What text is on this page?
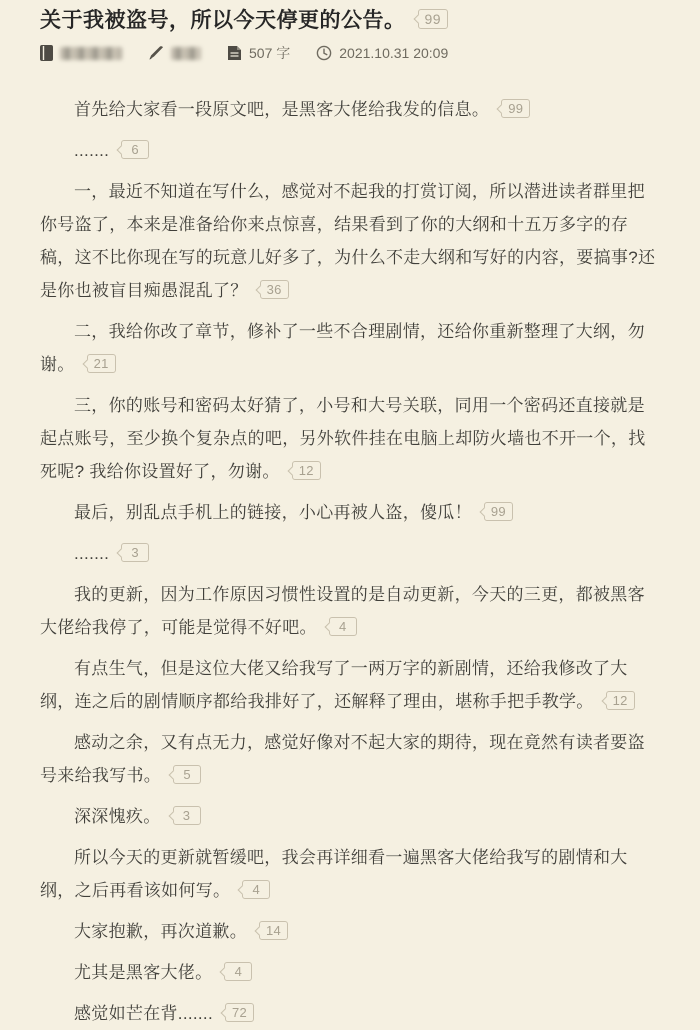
关于我被盗号，所以今天停更的公告。 99
507 字	2021.10.31 20:09

首先给大家看一段原文吧，是黑客大佬给我发的信息。 99

....... 6

一，最近不知道在写什么，感觉对不起我的打赏订阅，所以潜进读者群里把你号盗了，本来是准备给你来点惊喜，结果看到了你的大纲和十五万多字的存稿，这不比你现在写的玩意儿好多了，为什么不走大纲和写好的内容，要搞事?还是你也被盲目痴愚混乱了？ 36

二，我给你改了章节，修补了一些不合理剧情，还给你重新整理了大纲，勿谢。 21

三，你的账号和密码太好猜了，小号和大号关联，同用一个密码还直接就是起点账号，至少换个复杂点的吧，另外软件挂在电脑上却防火墙也不开一个，找死呢? 我给你设置好了，勿谢。 12

最后，别乱点手机上的链接，小心再被人盗，傻瓜！ 99

....... 3

我的更新，因为工作原因习惯性设置的是自动更新，今天的三更，都被黑客大佬给我停了，可能是觉得不好吧。 4

有点生气，但是这位大佬又给我写了一两万字的新剧情，还给我修改了大纲，连之后的剧情顺序都给我排好了，还解释了理由，堪称手把手教学。 12

感动之余，又有点无力，感觉好像对不起大家的期待，现在竟然有读者要盗号来给我写书。 5

深深愧疚。 3

所以今天的更新就暂缓吧，我会再详细看一遍黑客大佬给我写的剧情和大纲，之后再看该如何写。 4

大家抱歉，再次道歉。 14

尤其是黑客大佬。 4

感觉如芒在背....... 72
